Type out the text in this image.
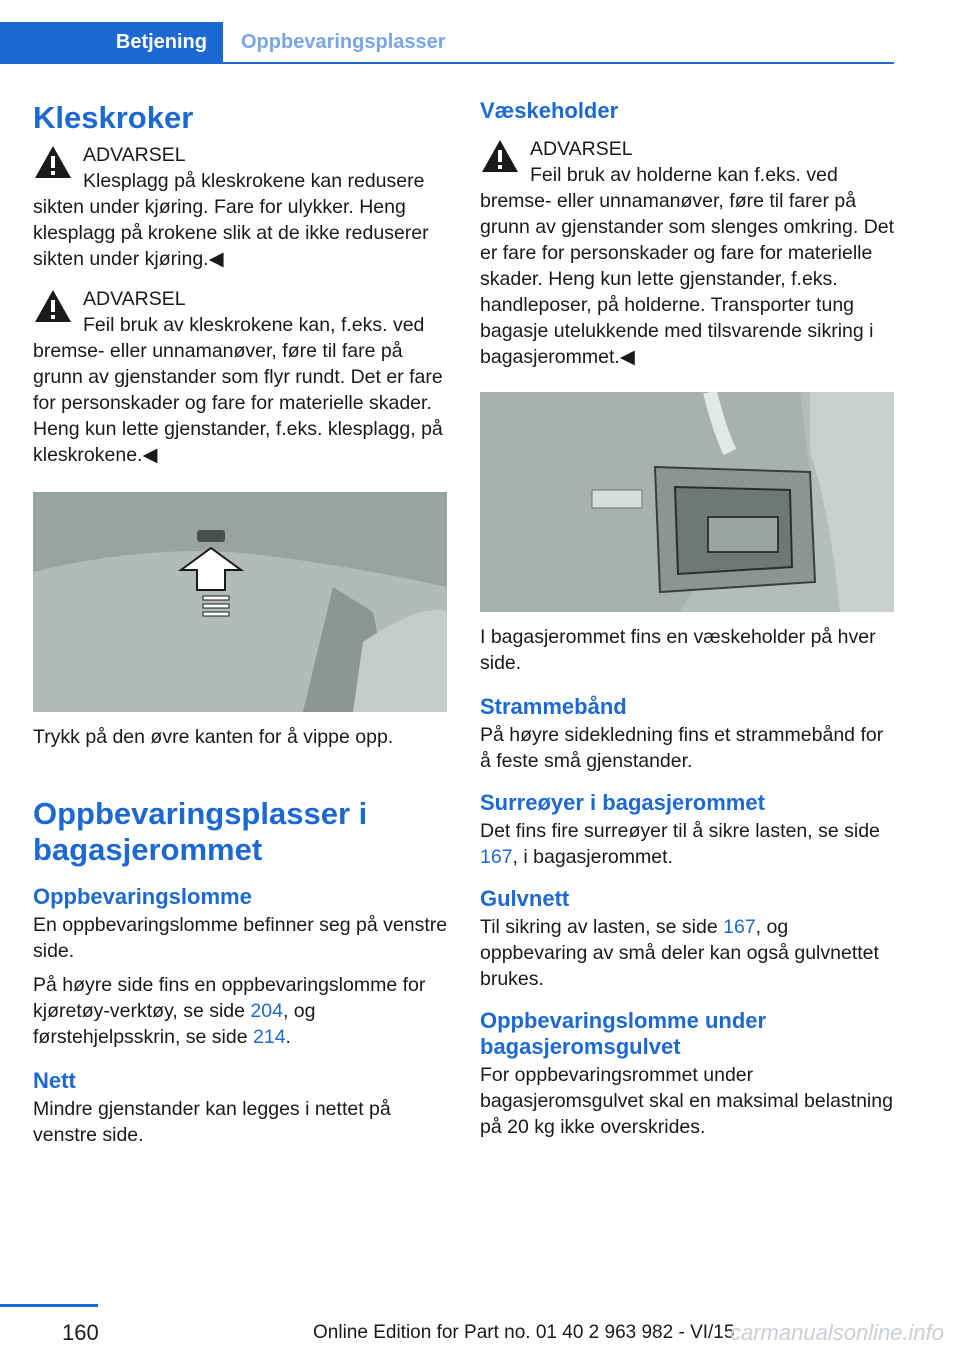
Betjening	Oppbevaringsplasser
Kleskroker
ADVARSEL

Klesplagg på kleskrokene kan redusere sikten under kjøring. Fare for ulykker. Heng klesplagg på krokene slik at de ikke reduserer sikten under kjøring.◀

ADVARSEL

Feil bruk av kleskrokene kan, f.eks. ved bremse- eller unnamanøver, føre til fare på grunn av gjenstander som flyr rundt. Det er fare for personskader og fare for materielle skader. Heng kun lette gjenstander, f.eks. klesplagg, på kleskrokene.◀

Trykk på den øvre kanten for å vippe opp.

Oppbevaringsplasser i bagasjerommet
Oppbevaringslomme

En oppbevaringslomme befinner seg på venstre side.

På høyre side fins en oppbevaringslomme for kjøretøy-verktøy, se side 204, og førstehjelpsskrin, se side 214.

Nett

Mindre gjenstander kan legges i nettet på venstre side.

Væskeholder
ADVARSEL

Feil bruk av holderne kan f.eks. ved bremse- eller unnamanøver, føre til farer på grunn av gjenstander som slenges omkring. Det er fare for personskader og fare for materielle skader. Heng kun lette gjenstander, f.eks. handleposer, på holderne. Transporter tung bagasje utelukkende med tilsvarende sikring i bagasjerommet.◀

I bagasjerommet fins en væskeholder på hver side.

Strammebånd

På høyre sidekledning fins et strammebånd for å feste små gjenstander.

Surreøyer i bagasjerommet

Det fins fire surreøyer til å sikre lasten, se side 167, i bagasjerommet.

Gulvnett

Til sikring av lasten, se side 167, og oppbevaring av små deler kan også gulvnettet brukes.

Oppbevaringslomme under bagasjeromsgulvet

For oppbevaringsrommet under bagasjeromsgulvet skal en maksimal belastning på 20 kg ikke overskrides.

160	Online Edition for Part no. 01 40 2 963 982 - VI/15
carmanualsonline.info
